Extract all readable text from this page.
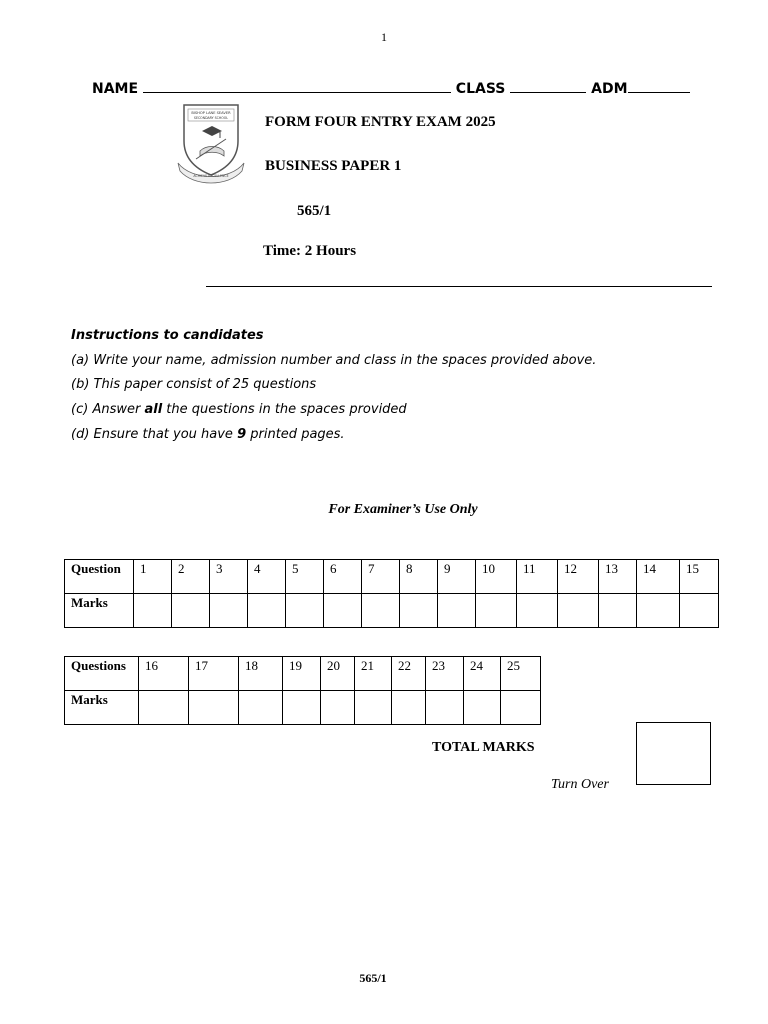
1
NAME	CLASS	ADM
BISHOP LANE SEAVER
SECONDARY SCHOOL
ACHIEVE EXCELLENCE
FORM FOUR ENTRY EXAM 2025
BUSINESS PAPER 1
565/1
Time: 2 Hours
Instructions to candidates
(a) Write your name, admission number and class in the spaces provided above.
(b) This paper consist of 25 questions
(c) Answer all the questions in the spaces provided
(d) Ensure that you have 9 printed pages.
For Examiner’s Use Only
Question	1	2	3	4	5	6	7	8	9	10	11	12	13	14	15
Marks															
Questions	16	17	18	19	20	21	22	23	24	25
Marks										
TOTAL MARKS
Turn Over
565/1
